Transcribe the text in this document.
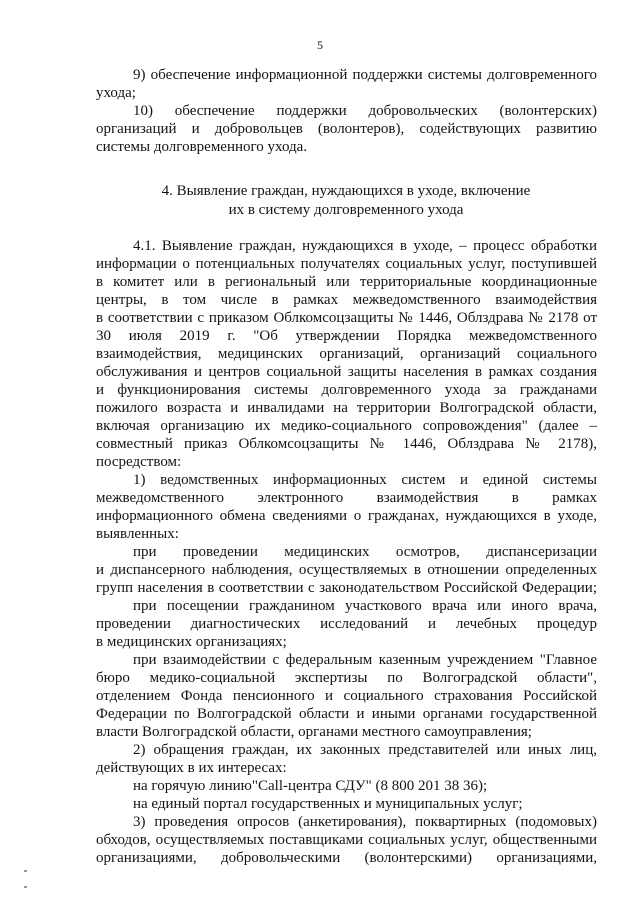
5
9) обеспечение информационной поддержки системы долговременного
ухода;
10) обеспечение поддержки добровольческих (волонтерских)
организаций и добровольцев (волонтеров), содействующих развитию
системы долговременного ухода.
4. Выявление граждан, нуждающихся в уходе, включение
их в систему долговременного ухода
4.1. Выявление граждан, нуждающихся в уходе, – процесс обработки
информации о потенциальных получателях социальных услуг, поступившей
в комитет или в региональный или территориальные координационные
центры, в том числе в рамках межведомственного взаимодействия
в соответствии с приказом Облкомсоцзащиты № 1446, Облздрава № 2178 от
30 июля 2019 г. "Об утверждении Порядка межведомственного
взаимодействия, медицинских организаций, организаций социального
обслуживания и центров социальной защиты населения в рамках создания
и функционирования системы долговременного ухода за гражданами
пожилого возраста и инвалидами на территории Волгоградской области,
включая организацию их медико-социального сопровождения" (далее –
совместный приказ Облкомсоцзащиты № 1446, Облздрава № 2178),
посредством:
1) ведомственных информационных систем и единой системы
межведомственного электронного взаимодействия в рамках
информационного обмена сведениями о гражданах, нуждающихся в уходе,
выявленных:
при проведении медицинских осмотров, диспансеризации
и диспансерного наблюдения, осуществляемых в отношении определенных
групп населения в соответствии с законодательством Российской Федерации;
при посещении гражданином участкового врача или иного врача,
проведении диагностических исследований и лечебных процедур
в медицинских организациях;
при взаимодействии с федеральным казенным учреждением "Главное
бюро медико-социальной экспертизы по Волгоградской области",
отделением Фонда пенсионного и социального страхования Российской
Федерации по Волгоградской области и иными органами государственной
власти Волгоградской области, органами местного самоуправления;
2) обращения граждан, их законных представителей или иных лиц,
действующих в их интересах:
на горячую линию"Call-центра СДУ" (8 800 201 38 36);
на единый портал государственных и муниципальных услуг;
3) проведения опросов (анкетирования), поквартирных (подомовых)
обходов, осуществляемых поставщиками социальных услуг, общественными
организациями, добровольческими (волонтерскими) организациями,
